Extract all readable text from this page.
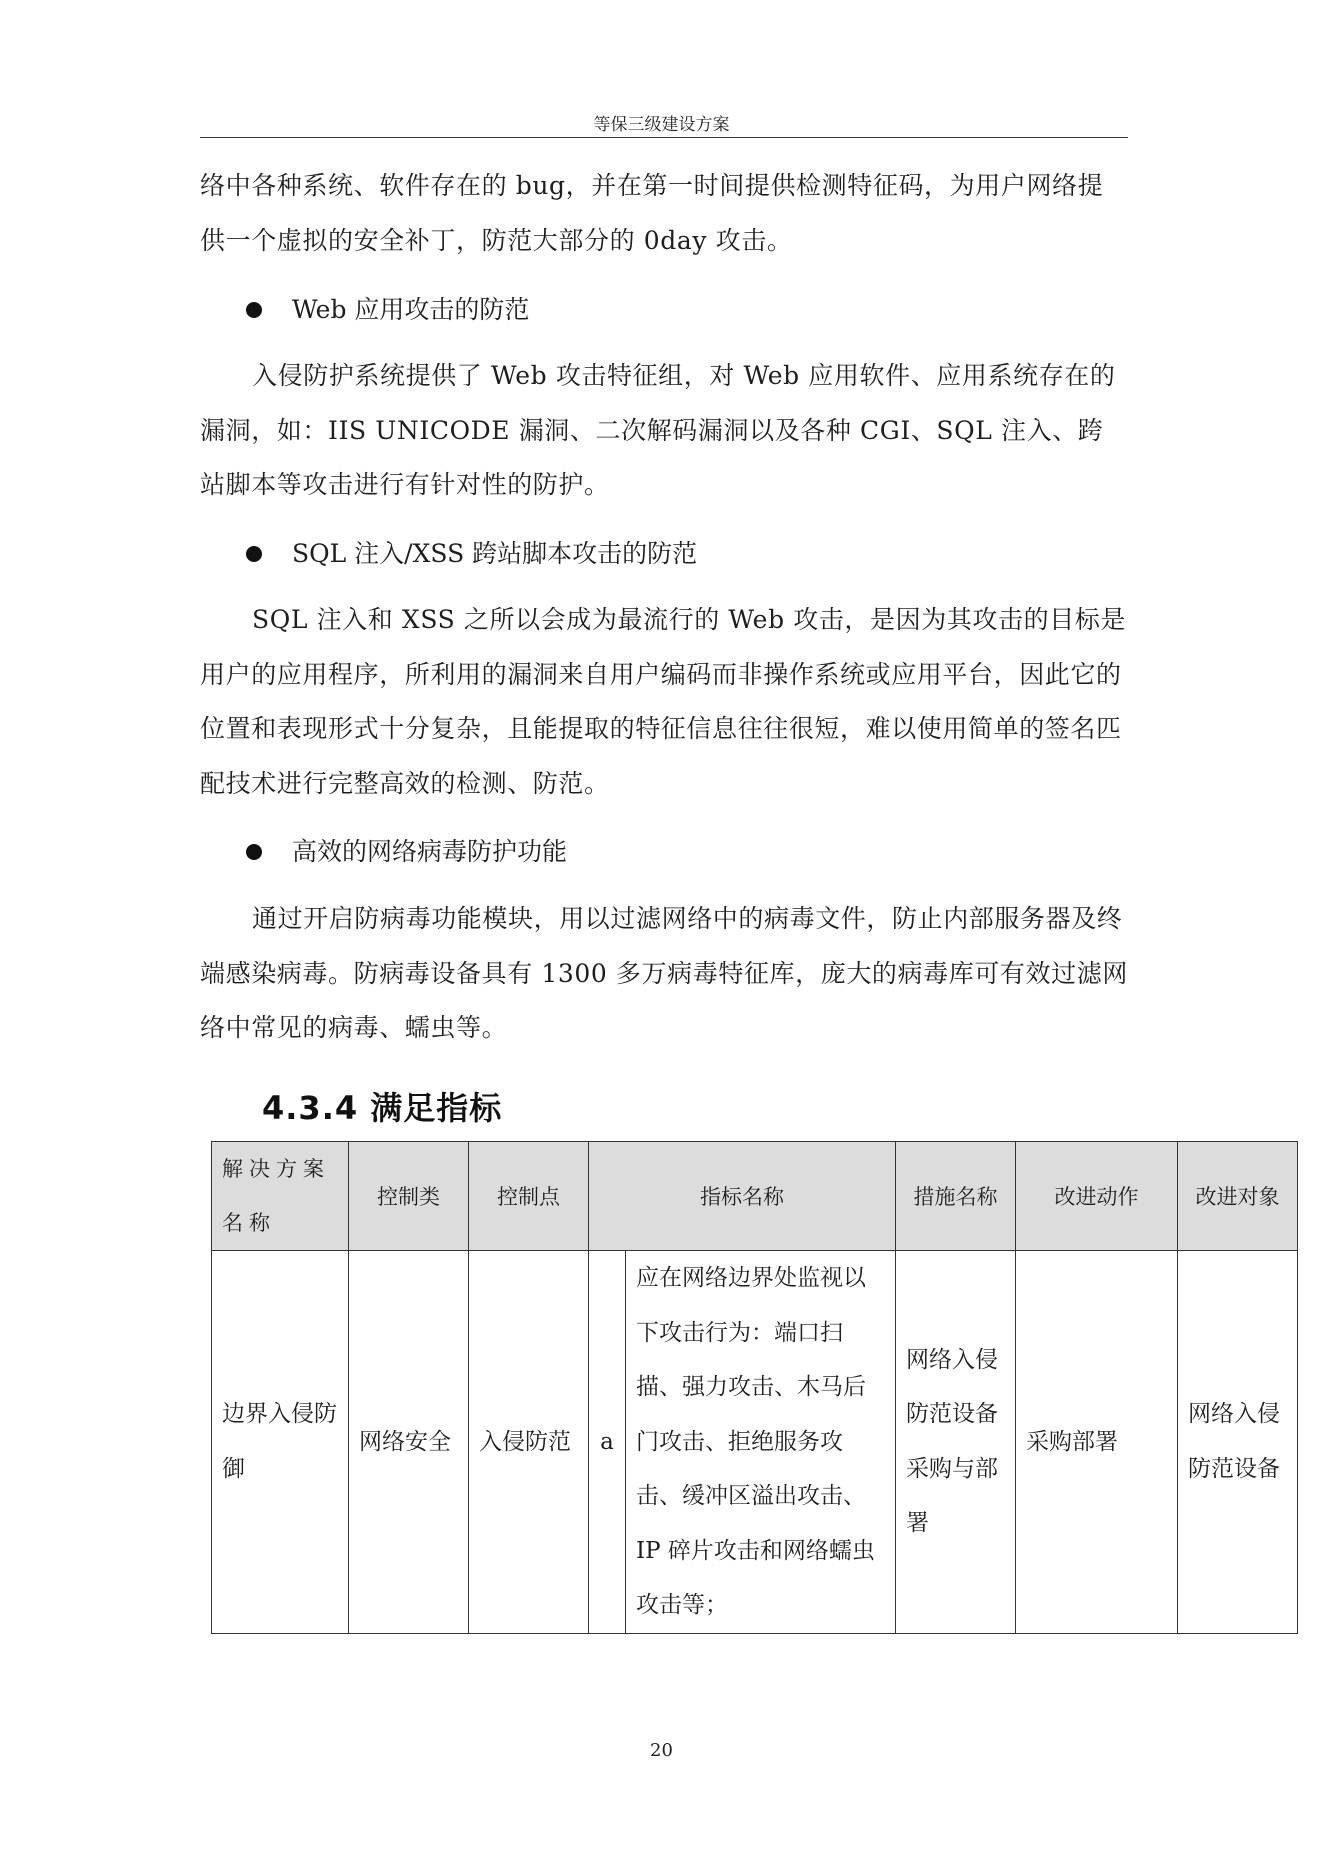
等保三级建设方案

络中各种系统、软件存在的 bug，并在第一时间提供检测特征码，为用户网络提供一个虚拟的安全补丁，防范大部分的 0day 攻击。

Web 应用攻击的防范

入侵防护系统提供了 Web 攻击特征组，对 Web 应用软件、应用系统存在的漏洞，如：IIS UNICODE 漏洞、二次解码漏洞以及各种 CGI、SQL 注入、跨站脚本等攻击进行有针对性的防护。

SQL 注入/XSS 跨站脚本攻击的防范

SQL 注入和 XSS 之所以会成为最流行的 Web 攻击，是因为其攻击的目标是用户的应用程序，所利用的漏洞来自用户编码而非操作系统或应用平台，因此它的位置和表现形式十分复杂，且能提取的特征信息往往很短，难以使用简单的签名匹配技术进行完整高效的检测、防范。

高效的网络病毒防护功能

通过开启防病毒功能模块，用以过滤网络中的病毒文件，防止内部服务器及终端感染病毒。防病毒设备具有 1300 多万病毒特征库，庞大的病毒库可有效过滤网络中常见的病毒、蠕虫等。

4.3.4 满足指标
解决方案名称	控制类	控制点	指标名称		措施名称	改进动作	改进对象
边界入侵防御	网络安全	入侵防范	a	应在网络边界处监视以下攻击行为：端口扫描、强力攻击、木马后门攻击、拒绝服务攻击、缓冲区溢出攻击、IP 碎片攻击和网络蠕虫攻击等；	网络入侵防范设备采购与部署	采购部署	网络入侵防范设备
20
